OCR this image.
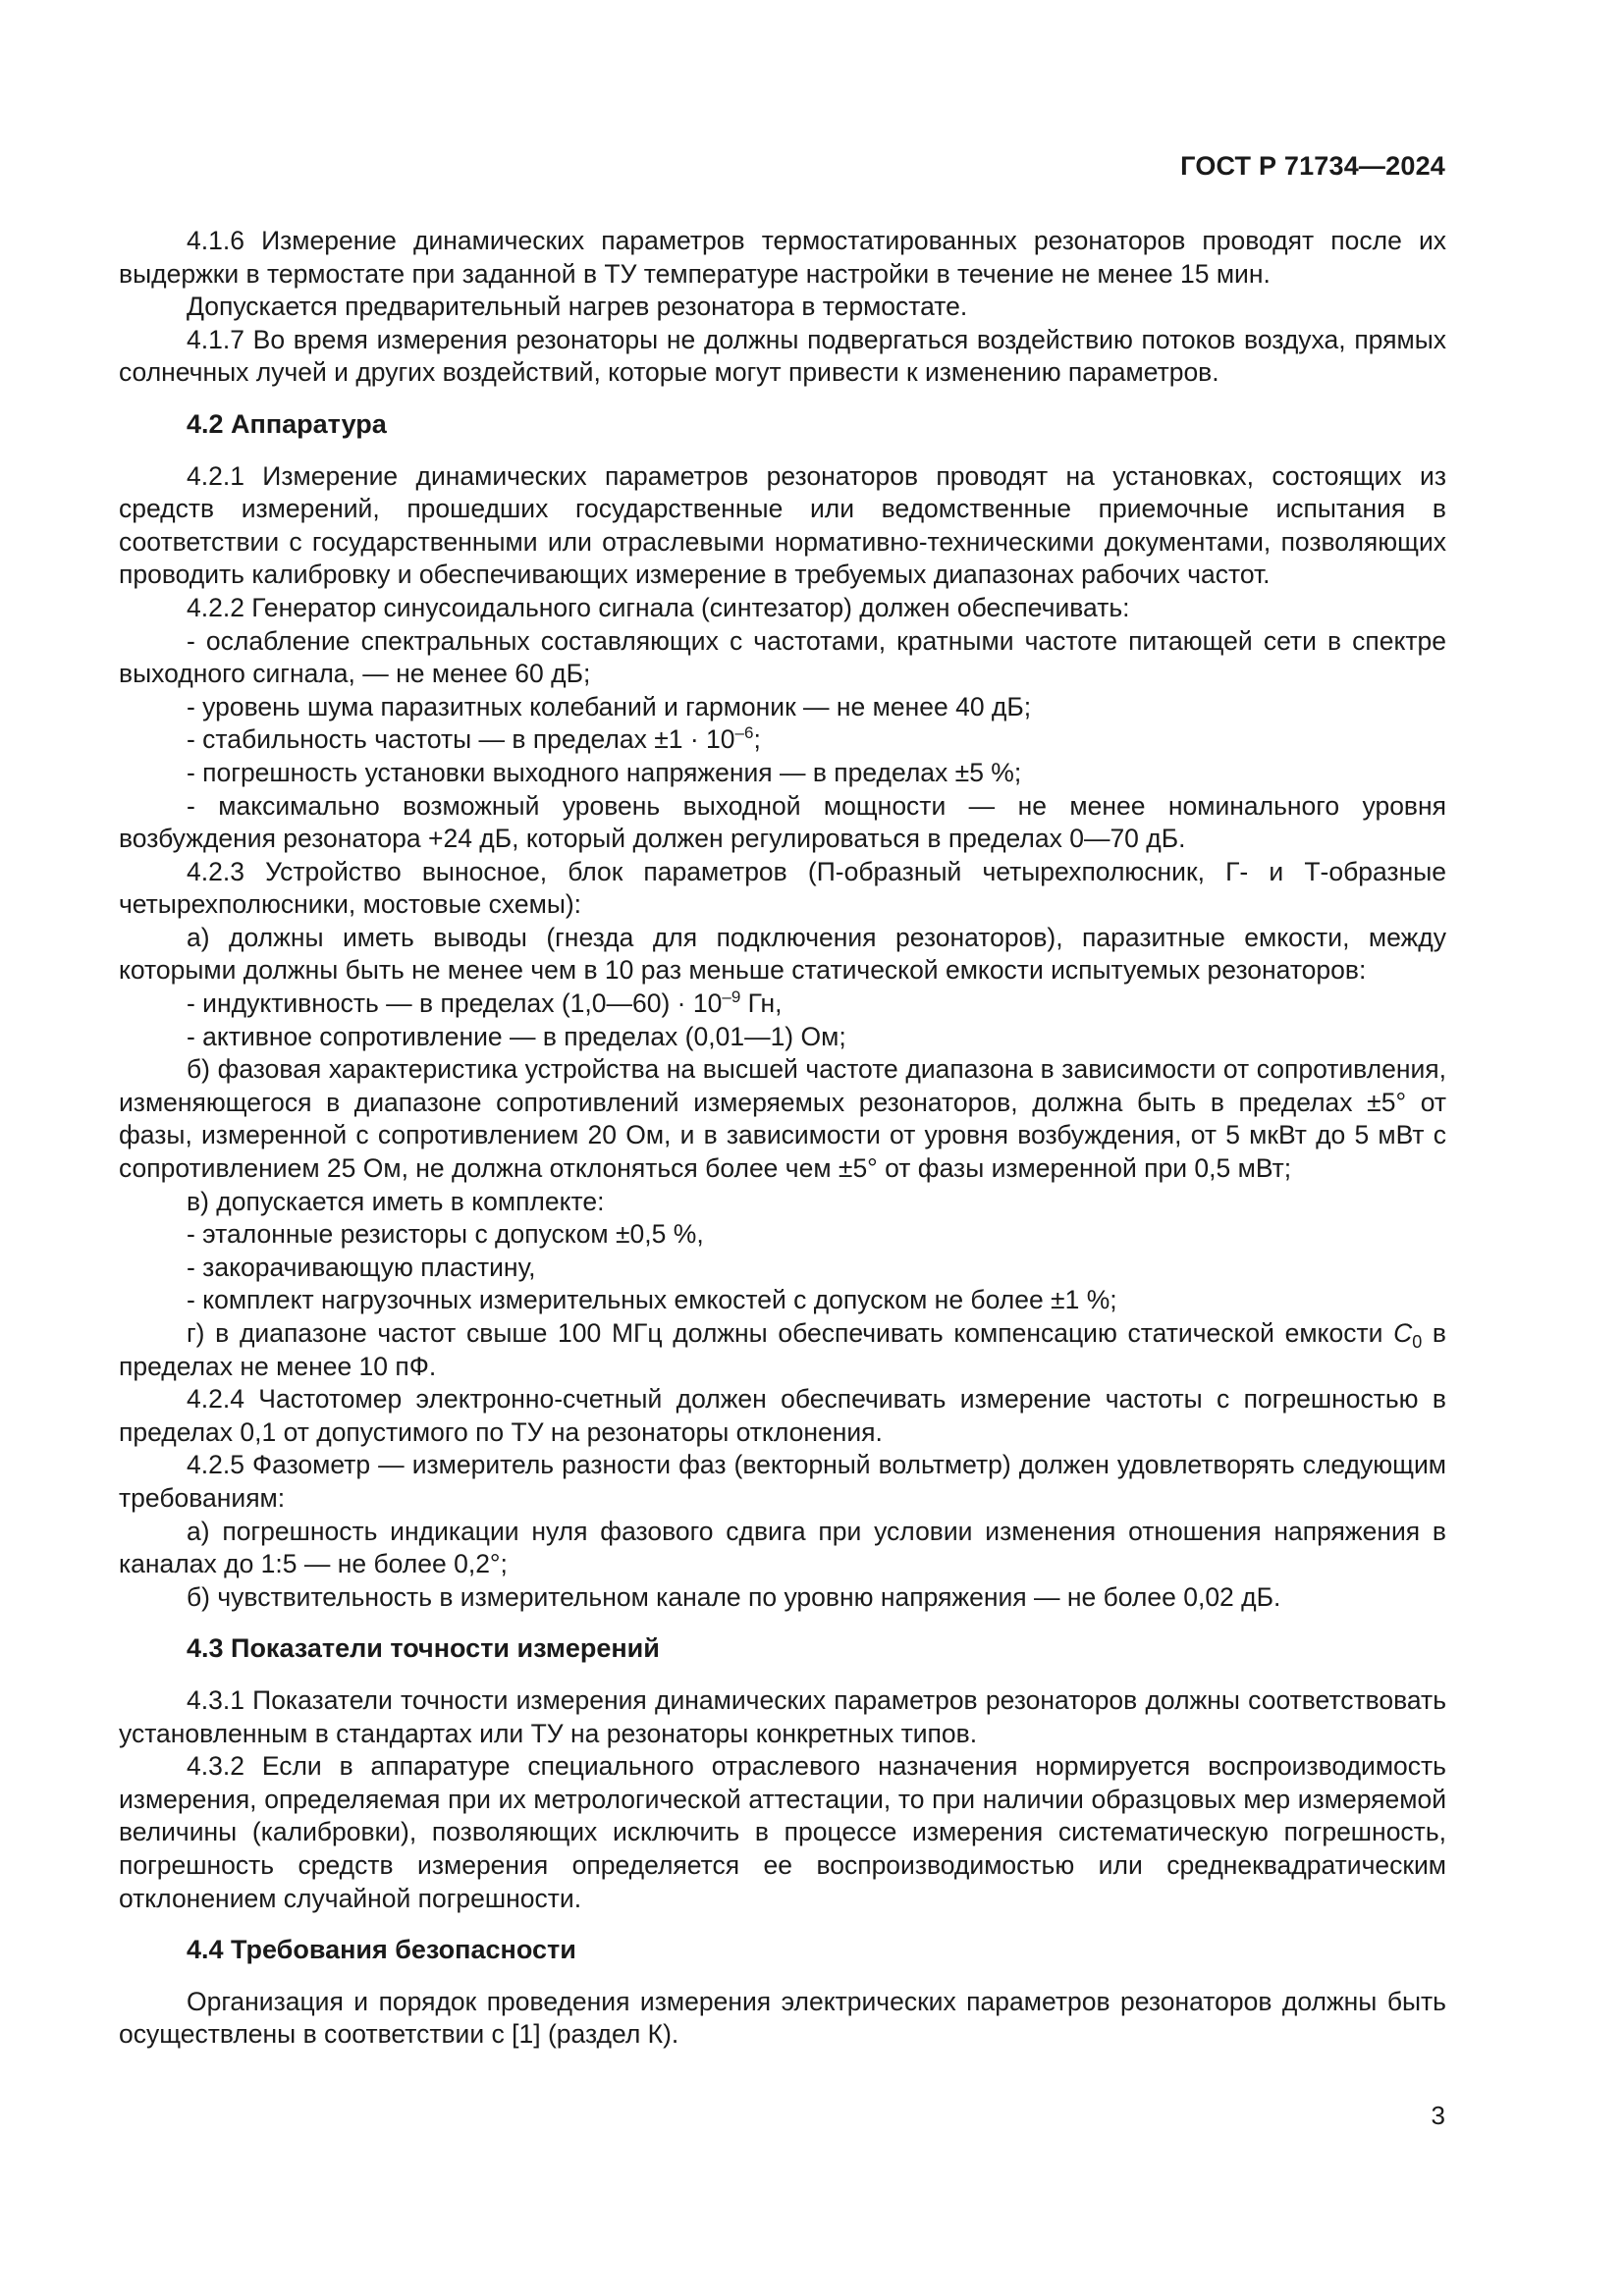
ГОСТ Р 71734—2024

4.1.6 Измерение динамических параметров термостатированных резонаторов проводят после их выдержки в термостате при заданной в ТУ температуре настройки в течение не менее 15 мин.

Допускается предварительный нагрев резонатора в термостате.

4.1.7 Во время измерения резонаторы не должны подвергаться воздействию потоков воздуха, прямых солнечных лучей и других воздействий, которые могут привести к изменению параметров.

4.2 Аппаратура

4.2.1 Измерение динамических параметров резонаторов проводят на установках, состоящих из средств измерений, прошедших государственные или ведомственные приемочные испытания в соответствии с государственными или отраслевыми нормативно-техническими документами, позволяющих проводить калибровку и обеспечивающих измерение в требуемых диапазонах рабочих частот.

4.2.2 Генератор синусоидального сигнала (синтезатор) должен обеспечивать:

- ослабление спектральных составляющих с частотами, кратными частоте питающей сети в спектре выходного сигнала, — не менее 60 дБ;

- уровень шума паразитных колебаний и гармоник — не менее 40 дБ;

- стабильность частоты — в пределах $\pm 1 \cdot 10^{-6}$;

- погрешность установки выходного напряжения — в пределах ±5 %;

- максимально возможный уровень выходной мощности — не менее номинального уровня возбуждения резонатора +24 дБ, который должен регулироваться в пределах 0—70 дБ.

4.2.3 Устройство выносное, блок параметров (П-образный четырехполюсник, Г- и Т-образные четырехполюсники, мостовые схемы):

а) должны иметь выводы (гнезда для подключения резонаторов), паразитные емкости, между которыми должны быть не менее чем в 10 раз меньше статической емкости испытуемых резонаторов:

- индуктивность — в пределах (1,0—60) · $10^{-9}$ Гн,

- активное сопротивление — в пределах (0,01—1) Ом;

б) фазовая характеристика устройства на высшей частоте диапазона в зависимости от сопротивления, изменяющегося в диапазоне сопротивлений измеряемых резонаторов, должна быть в пределах ±5° от фазы, измеренной с сопротивлением 20 Ом, и в зависимости от уровня возбуждения, от 5 мкВт до 5 мВт с сопротивлением 25 Ом, не должна отклоняться более чем ±5° от фазы измеренной при 0,5 мВт;

в) допускается иметь в комплекте:

- эталонные резисторы с допуском ±0,5 %,

- закорачивающую пластину,

- комплект нагрузочных измерительных емкостей с допуском не более ±1 %;

г) в диапазоне частот свыше 100 МГц должны обеспечивать компенсацию статической емкости $C_0$ в пределах не менее 10 пФ.

4.2.4 Частотомер электронно-счетный должен обеспечивать измерение частоты с погрешностью в пределах 0,1 от допустимого по ТУ на резонаторы отклонения.

4.2.5 Фазометр — измеритель разности фаз (векторный вольтметр) должен удовлетворять следующим требованиям:

а) погрешность индикации нуля фазового сдвига при условии изменения отношения напряжения в каналах до 1:5 — не более 0,2°;

б) чувствительность в измерительном канале по уровню напряжения — не более 0,02 дБ.

4.3 Показатели точности измерений

4.3.1 Показатели точности измерения динамических параметров резонаторов должны соответствовать установленным в стандартах или ТУ на резонаторы конкретных типов.

4.3.2 Если в аппаратуре специального отраслевого назначения нормируется воспроизводимость измерения, определяемая при их метрологической аттестации, то при наличии образцовых мер измеряемой величины (калибровки), позволяющих исключить в процессе измерения систематическую погрешность, погрешность средств измерения определяется ее воспроизводимостью или среднеквадратическим отклонением случайной погрешности.

4.4 Требования безопасности

Организация и порядок проведения измерения электрических параметров резонаторов должны быть осуществлены в соответствии с [1] (раздел К).

3
